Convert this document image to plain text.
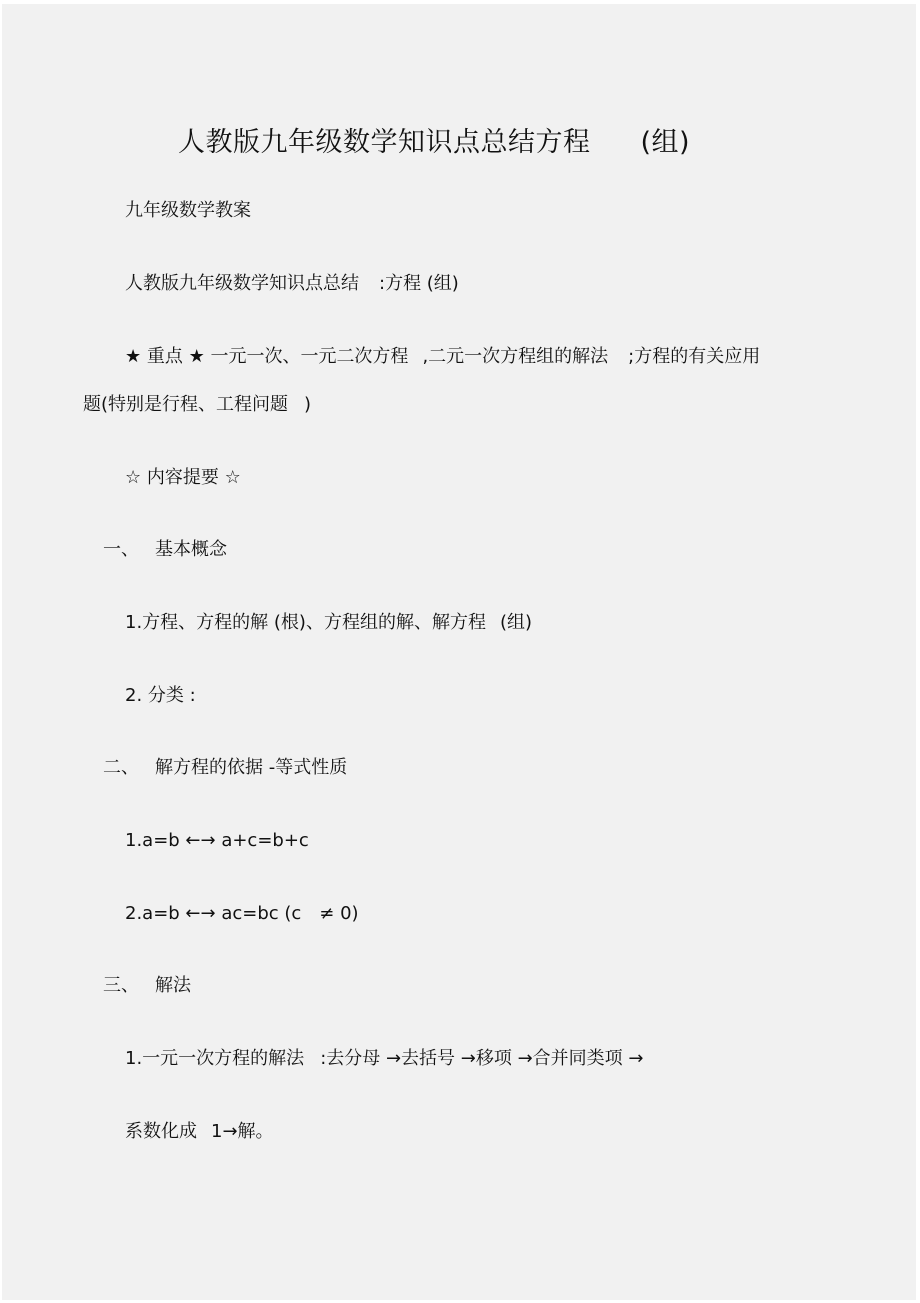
人教版九年级数学知识点总结方程 (组)
九年级数学教案
人教版九年级数学知识点总结 :方程 (组)
★ 重点 ★ 一元一次、一元二次方程 ,二元一次方程组的解法 ;方程的有关应用
题(特别是行程、工程问题 )
☆ 内容提要 ☆
一、 基本概念
1.方程、方程的解 (根)、方程组的解、解方程 (组)
2. 分类 :
二、 解方程的依据 -等式性质
1.a=b ←→ a+c=b+c
2.a=b ←→ ac=bc (c ≠ 0)
三、 解法
1.一元一次方程的解法 :去分母 →去括号 →移项 →合并同类项 →
系数化成 1→解。
